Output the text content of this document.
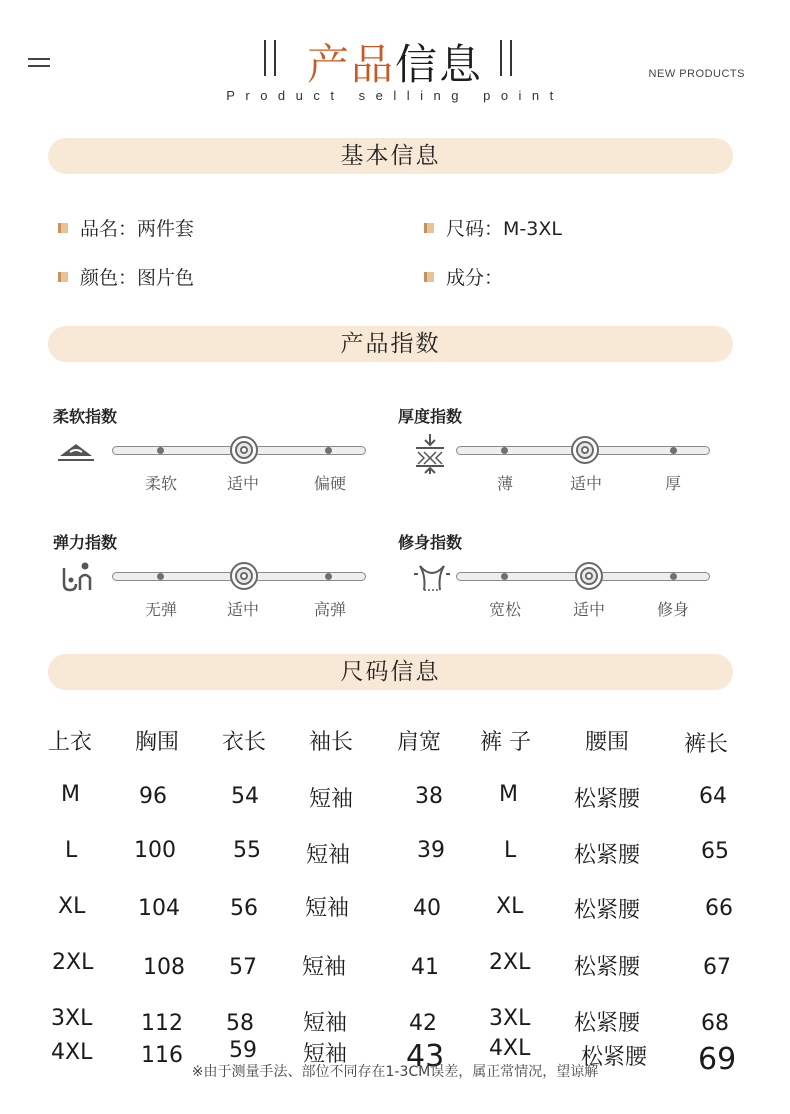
产品信息
Product selling point
NEW PRODUCTS
基本信息
品名：两件套	尺码：M-3XL
颜色：图片色	成分：
产品指数
柔软指数
柔软	适中	偏硬
厚度指数
薄	适中	厚
弹力指数
无弹	适中	高弹
修身指数
宽松	适中	修身
尺码信息
上衣 胸围 衣长 袖长 肩宽 裤 子 腰围 裤长
M	96	54 短袖	38	M	松紧腰	64
L	100	55 短袖	39	L	松紧腰	65
XL 104 56 短袖	40	XL 松紧腰	66
2XL 108 57 短袖	41 2XL 松紧腰	67
3XL 112 58 短袖	42 3XL 松紧腰	68
4XL 116 59 短袖 43 4XL 松紧腰 69
※由于测量手法、部位不同存在1-3CM误差，属正常情况，望谅解
